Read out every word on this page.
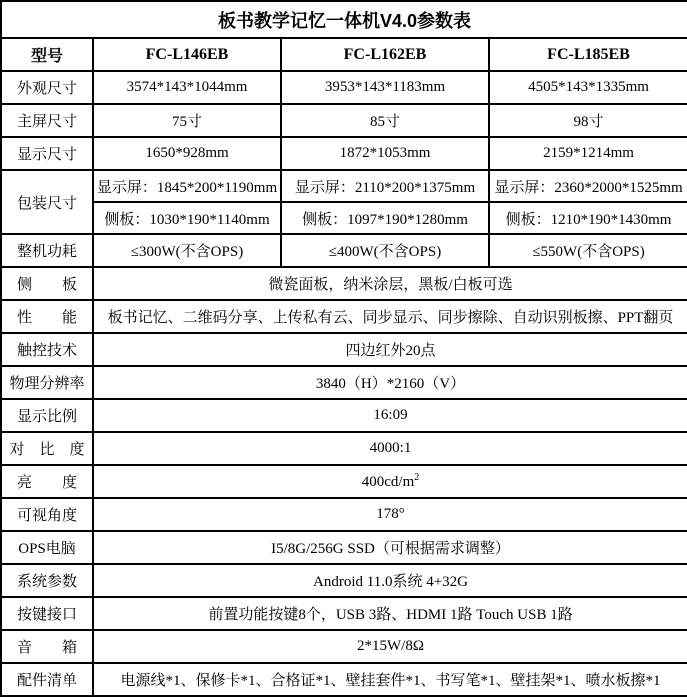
板书教学记忆一体机V4.0参数表			
型号	FC-L146EB	FC-L162EB	FC-L185EB
外观尺寸	3574*143*1044mm	3953*143*1183mm	4505*143*1335mm
主屏尺寸	75寸	85寸	98寸
显示尺寸	1650*928mm	1872*1053mm	2159*1214mm
包装尺寸	显示屏：1845*200*1190mm	显示屏：2110*200*1375mm	显示屏：2360*2000*1525mm
	侧板：1030*190*1140mm	侧板：1097*190*1280mm	侧板：1210*190*1430mm
整机功耗	≤300W(不含OPS)	≤400W(不含OPS)	≤550W(不含OPS)
侧　　板	微瓷面板，纳米涂层，黑板/白板可选		
性　　能	板书记忆、二维码分享、上传私有云、同步显示、同步擦除、自动识别板擦、PPT翻页		
触控技术	四边红外20点		
物理分辨率	3840（H）*2160（V）		
显示比例	16:09		
对　比　度	4000:1		
亮　　度	$400cd/m^2$
可视角度	178°		
OPS电脑	I5/8G/256G SSD（可根据需求调整）		
系统参数	Android 11.0系统 4+32G		
按键接口	前置功能按键8个，USB 3路、HDMI 1路 Touch USB 1路		
音　　箱	2*15W/8Ω		
配件清单	电源线*1、保修卡*1、合格证*1、壁挂套件*1、书写笔*1、壁挂架*1、喷水板擦*1		
